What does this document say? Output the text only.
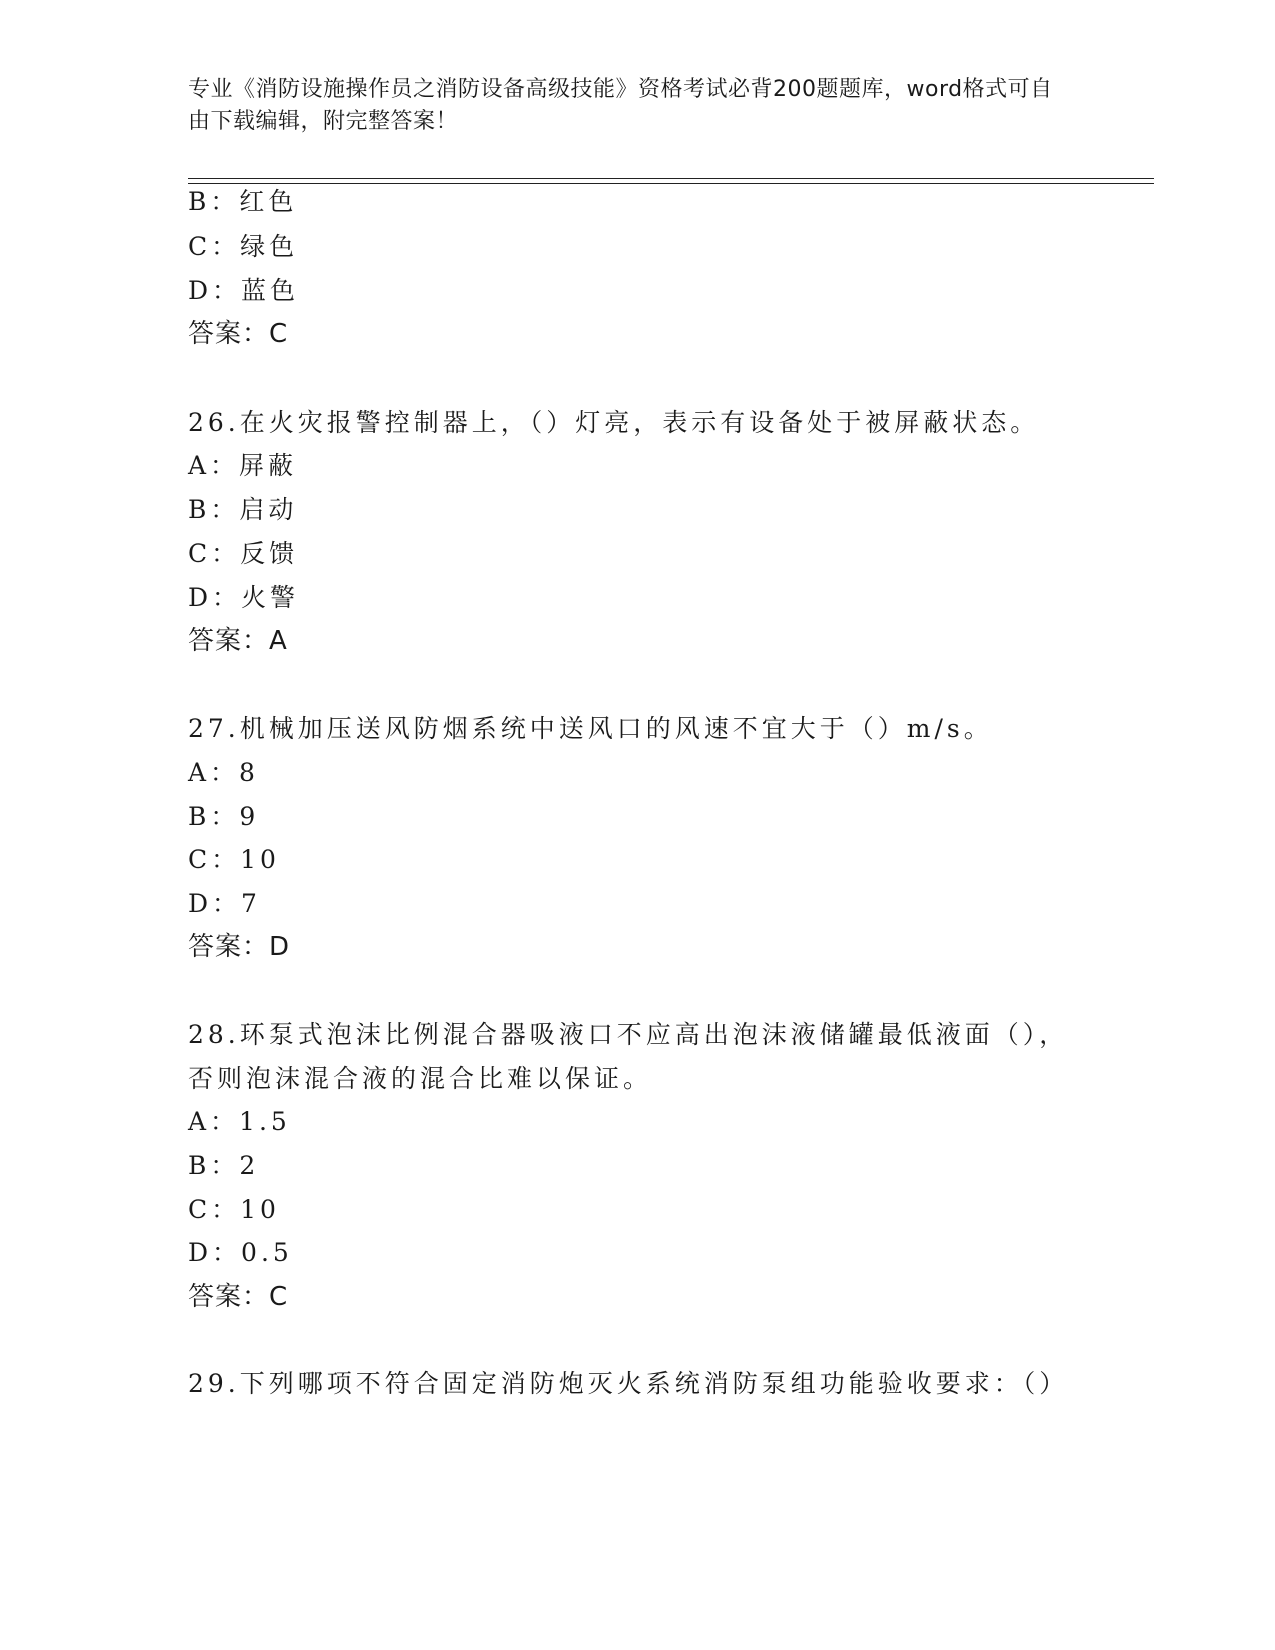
专业《消防设施操作员之消防设备高级技能》资格考试必背200题题库，word格式可自由下载编辑，附完整答案！
B：红色
C：绿色
D：蓝色
答案：C
26.在火灾报警控制器上，（）灯亮，表示有设备处于被屏蔽状态。
A：屏蔽
B：启动
C：反馈
D：火警
答案：A
27.机械加压送风防烟系统中送风口的风速不宜大于（）m/s。
A：8
B：9
C：10
D：7
答案：D
28.环泵式泡沫比例混合器吸液口不应高出泡沫液储罐最低液面（），
否则泡沫混合液的混合比难以保证。
A：1.5
B：2
C：10
D：0.5
答案：C
29.下列哪项不符合固定消防炮灭火系统消防泵组功能验收要求：（）
